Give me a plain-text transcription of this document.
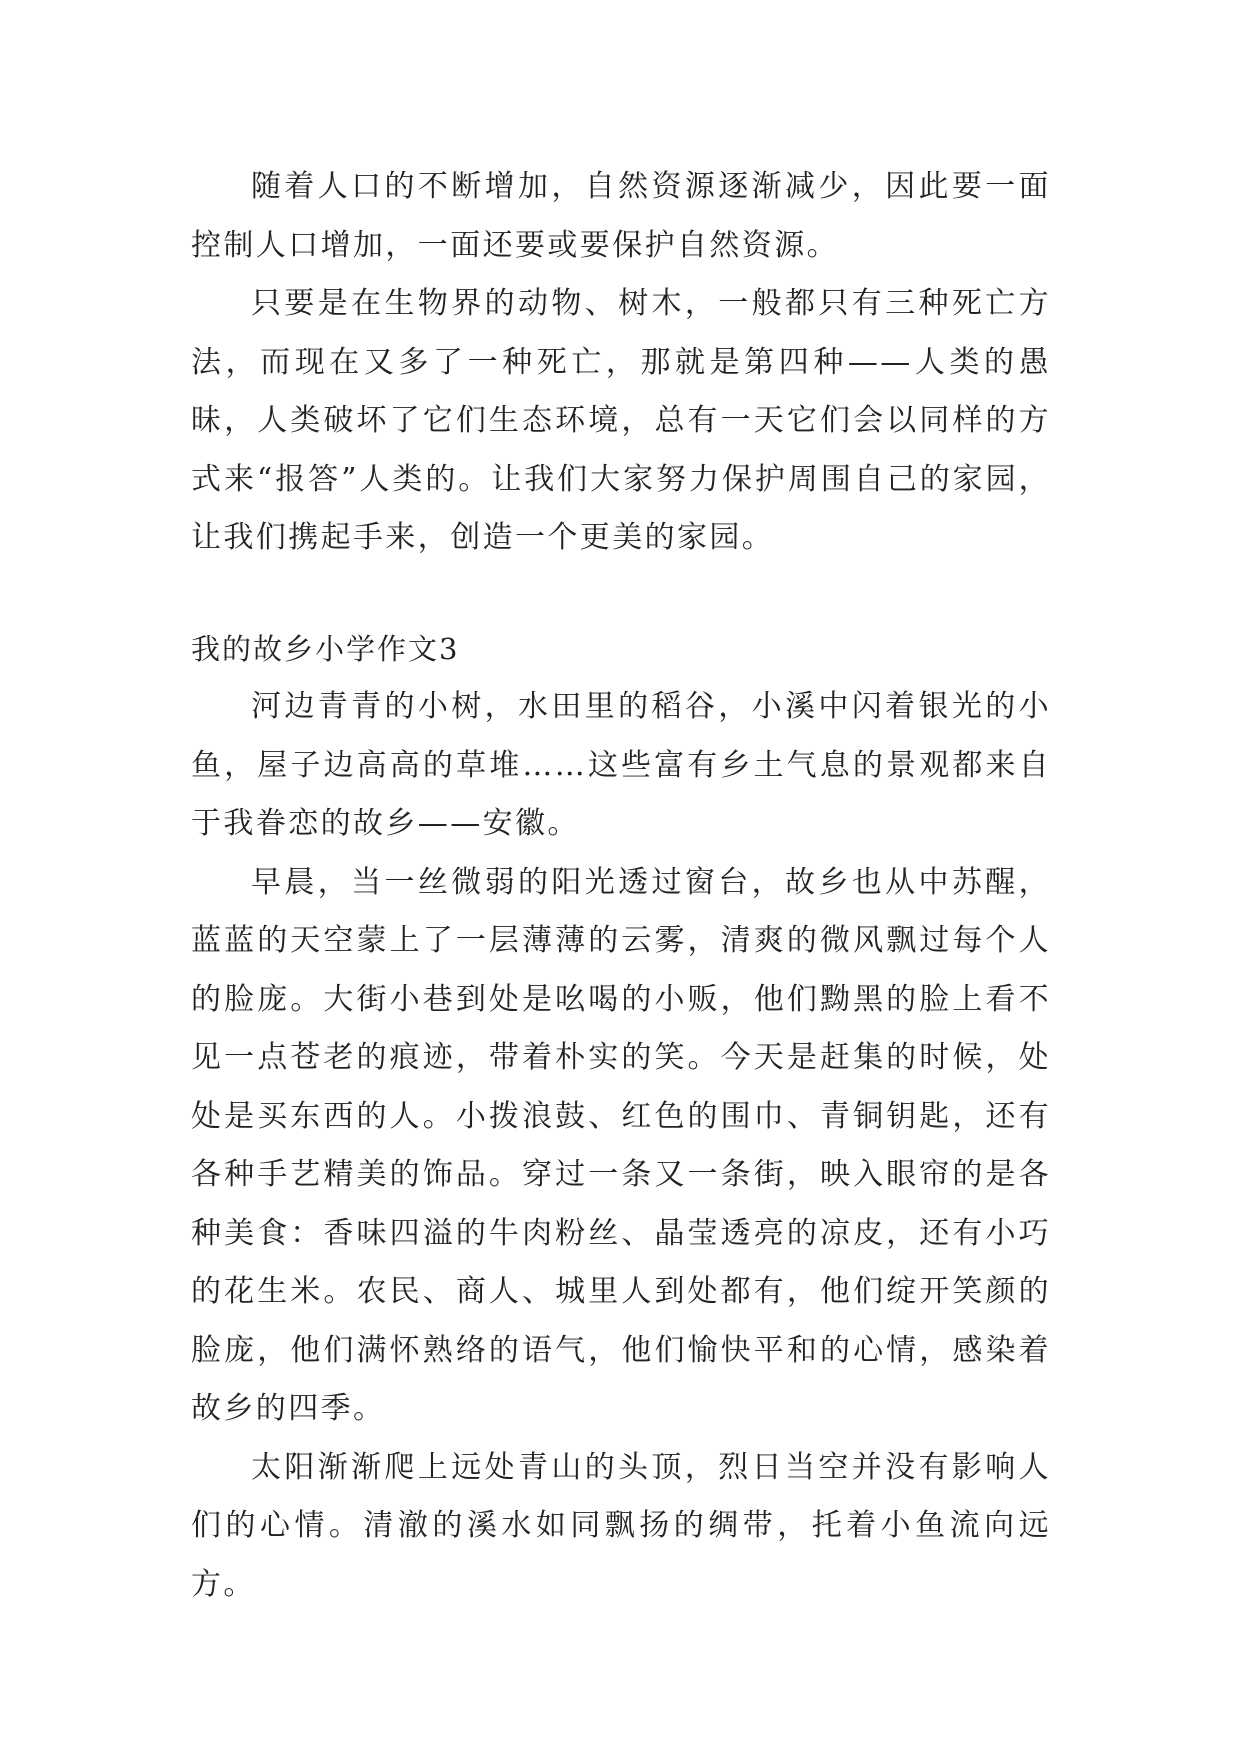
随着人口的不断增加，自然资源逐渐减少，因此要一面控制人口增加，一面还要或要保护自然资源。

只要是在生物界的动物、树木，一般都只有三种死亡方法，而现在又多了一种死亡，那就是第四种——人类的愚昧，人类破坏了它们生态环境，总有一天它们会以同样的方式来“报答”人类的。让我们大家努力保护周围自己的家园，让我们携起手来，创造一个更美的家园。

我的故乡小学作文3

河边青青的小树，水田里的稻谷，小溪中闪着银光的小鱼，屋子边高高的草堆……这些富有乡土气息的景观都来自于我眷恋的故乡——安徽。

早晨，当一丝微弱的阳光透过窗台，故乡也从中苏醒，蓝蓝的天空蒙上了一层薄薄的云雾，清爽的微风飘过每个人的脸庞。大街小巷到处是吆喝的小贩，他们黝黑的脸上看不见一点苍老的痕迹，带着朴实的笑。今天是赶集的时候，处处是买东西的人。小拨浪鼓、红色的围巾、青铜钥匙，还有各种手艺精美的饰品。穿过一条又一条街，映入眼帘的是各种美食：香味四溢的牛肉粉丝、晶莹透亮的凉皮，还有小巧的花生米。农民、商人、城里人到处都有，他们绽开笑颜的脸庞，他们满怀熟络的语气，他们愉快平和的心情，感染着故乡的四季。

太阳渐渐爬上远处青山的头顶，烈日当空并没有影响人们的心情。清澈的溪水如同飘扬的绸带，托着小鱼流向远方。
